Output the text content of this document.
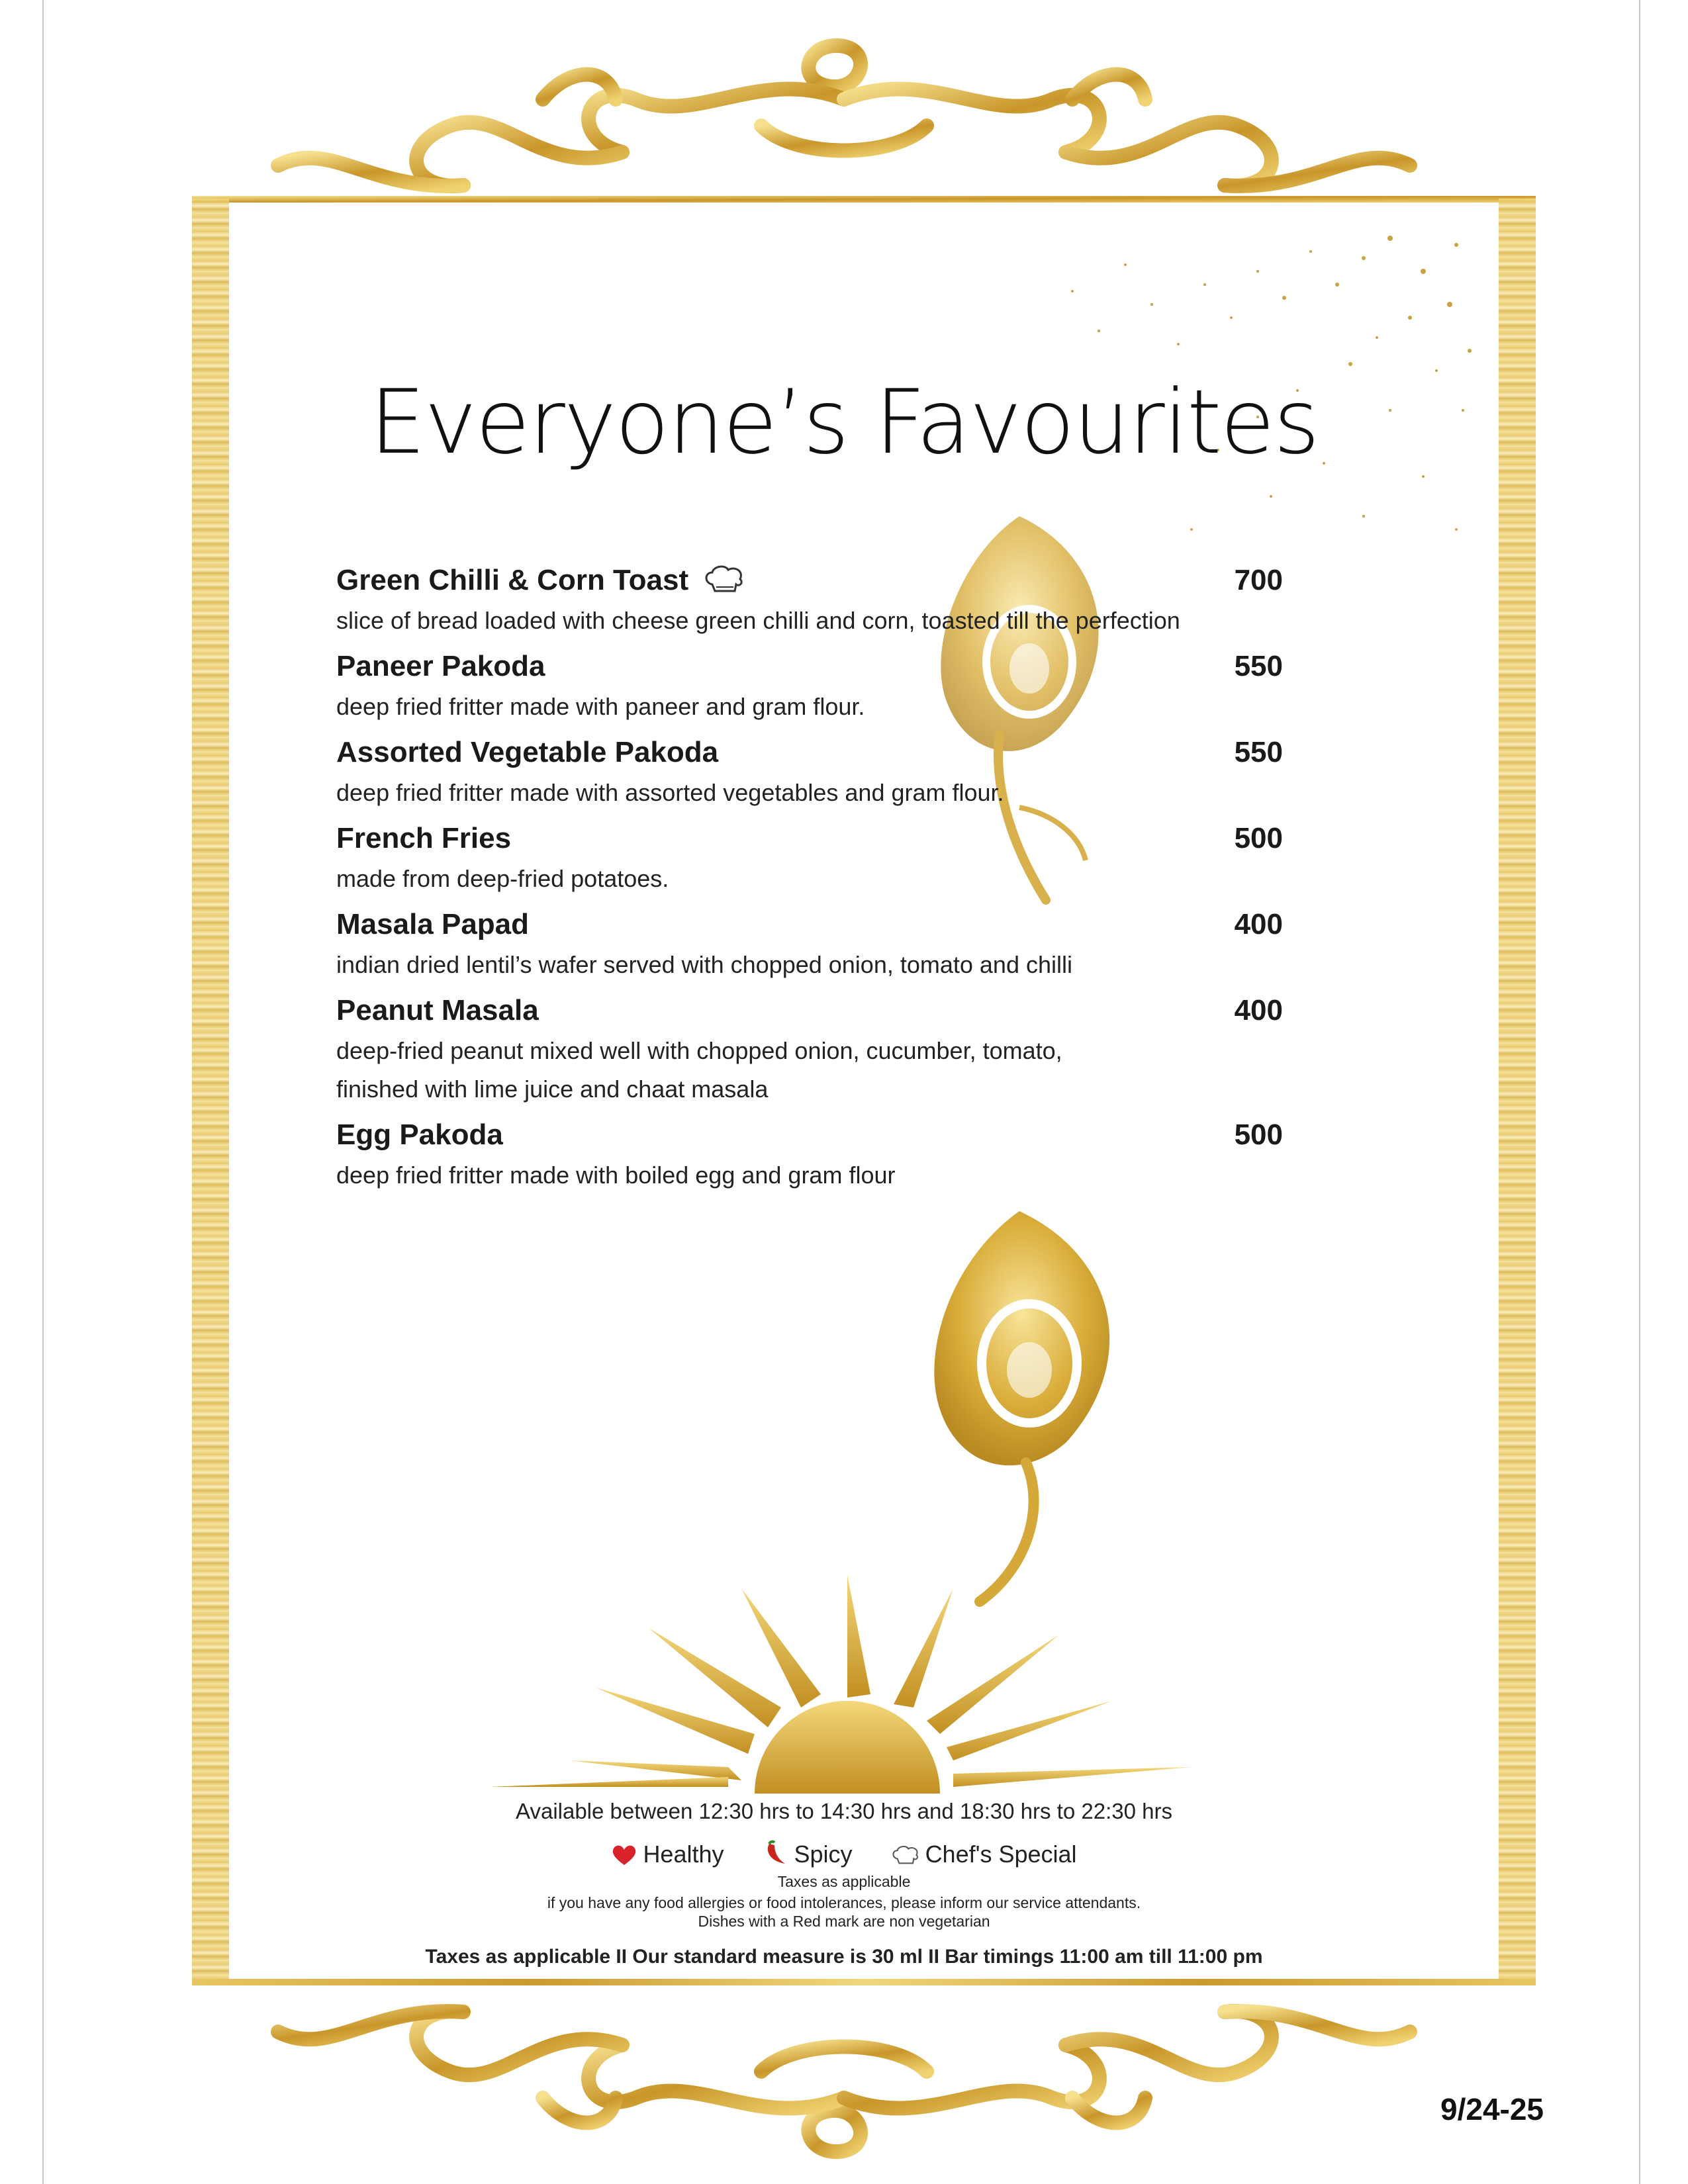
Everyone’s Favourites
Green Chilli & Corn Toast	700
slice of bread loaded with cheese green chilli and corn, toasted till the perfection
Paneer Pakoda	550
deep fried fritter made with paneer and gram flour.
Assorted Vegetable Pakoda	550
deep fried fritter made with assorted vegetables and gram flour.
French Fries	500
made from deep-fried potatoes.
Masala Papad	400
indian dried lentil’s wafer served with chopped onion, tomato and chilli
Peanut Masala	400
deep-fried peanut mixed well with chopped onion, cucumber, tomato,
finished with lime juice and chaat masala
Egg Pakoda	500
deep fried fritter made with boiled egg and gram flour
Available between 12:30 hrs to 14:30 hrs and 18:30 hrs to 22:30 hrs
Healthy	Spicy	Chef's Special
Taxes as applicable
if you have any food allergies or food intolerances, please inform our service attendants.
Dishes with a Red mark are non vegetarian
Taxes as applicable II Our standard measure is 30 ml II Bar timings 11:00 am till 11:00 pm
9/24-25
